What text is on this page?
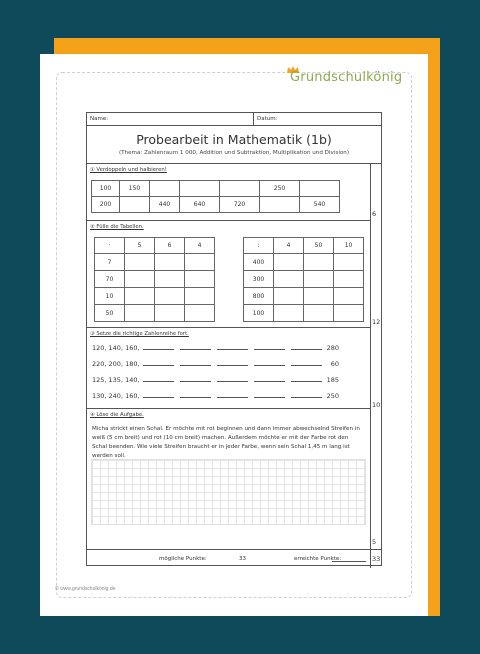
Grundschulkönig
Name:	Datum:
Probearbeit in Mathematik (1b)
(Thema: Zahlenraum 1 000, Addition und Subtraktion, Multiplikation und Division)
① Verdoppeln und halbieren!
100	150				250	
200		440	640	720		540
6
② Fülle die Tabellen.
·	5	6	4
7			
70			
10			
50			
:	4	50	10
400			
300			
800			
100			
12
③ Setze die richtige Zahlenreihe fort.
120, 140, 160,	280
220, 200, 180,	60
125, 135, 140,	185
130, 240, 160,	250
10
④ Löse die Aufgabe.
Micha strickt einen Schal. Er möchte mit rot beginnen und dann immer abwechselnd Streifen in weiß (5 cm breit) und rot (10 cm breit) machen. Außerdem möchte er mit der Farbe rot den Schal beenden. Wie viele Streifen braucht er in jeder Farbe, wenn sein Schal 1,45 m lang ist werden soll.
5
mögliche Punkte:	33	erreichte Punkte:	33
© www.grundschulkönig.de
